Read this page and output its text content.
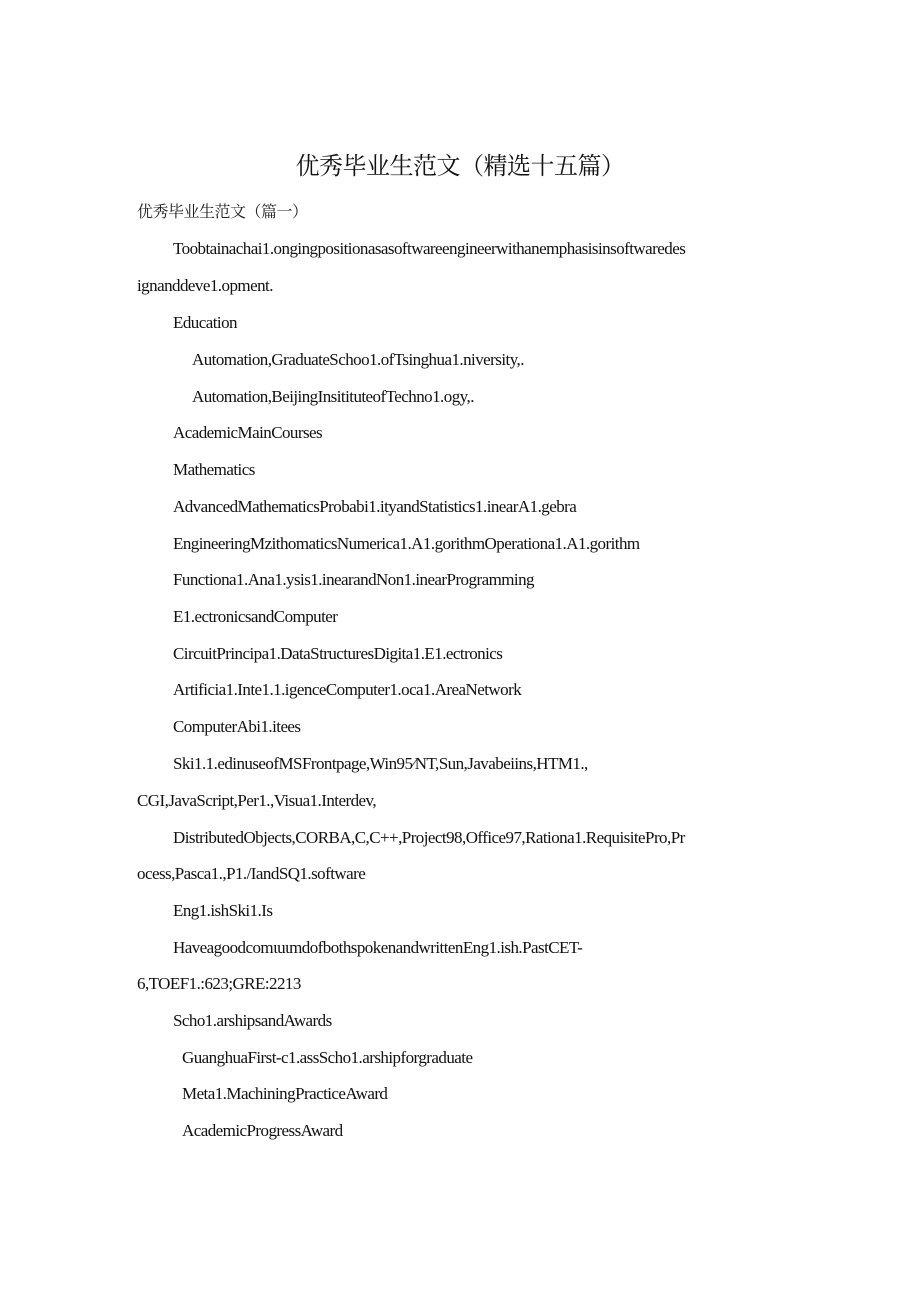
优秀毕业生范文（精选十五篇）
优秀毕业生范文（篇一）
Toobtainachai1.ongingpositionasasoftwareengineerwithanemphasisinsoftwaredes
ignanddeve1.opment.
Education
Automation,GraduateSchoo1.ofTsinghua1.niversity,.
Automation,BeijingInsitituteofTechno1.ogy,.
AcademicMainCourses
Mathematics
AdvancedMathematicsProbabi1.ityandStatistics1.inearA1.gebra
EngineeringMzithomaticsNumerica1.A1.gorithmOperationa1.A1.gorithm
Functiona1.Ana1.ysis1.inearandNon1.inearProgramming
E1.ectronicsandComputer
CircuitPrincipa1.DataStructuresDigita1.E1.ectronics
Artificia1.Inte1.1.igenceComputer1.oca1.AreaNetwork
ComputerAbi1.itees
Ski1.1.edinuseofMSFrontpage,Win95∕NT,Sun,Javabeiins,HTM1.,
CGI,JavaScript,Per1.,Visua1.Interdev,
DistributedObjects,CORBA,C,C++,Project98,Office97,Rationa1.RequisitePro,Pr
ocess,Pasca1.,P1./IandSQ1.software
Eng1.ishSki1.Is
HaveagoodcomιuιmdofbothspokenandwrittenEng1.ish.PastCET-
6,TOEF1.:623;GRE:2213
Scho1.arshipsandAwards
GuanghuaFirst-c1.assScho1.arshipforgraduate
Meta1.MachiningPracticeAward
AcademicProgressAward
